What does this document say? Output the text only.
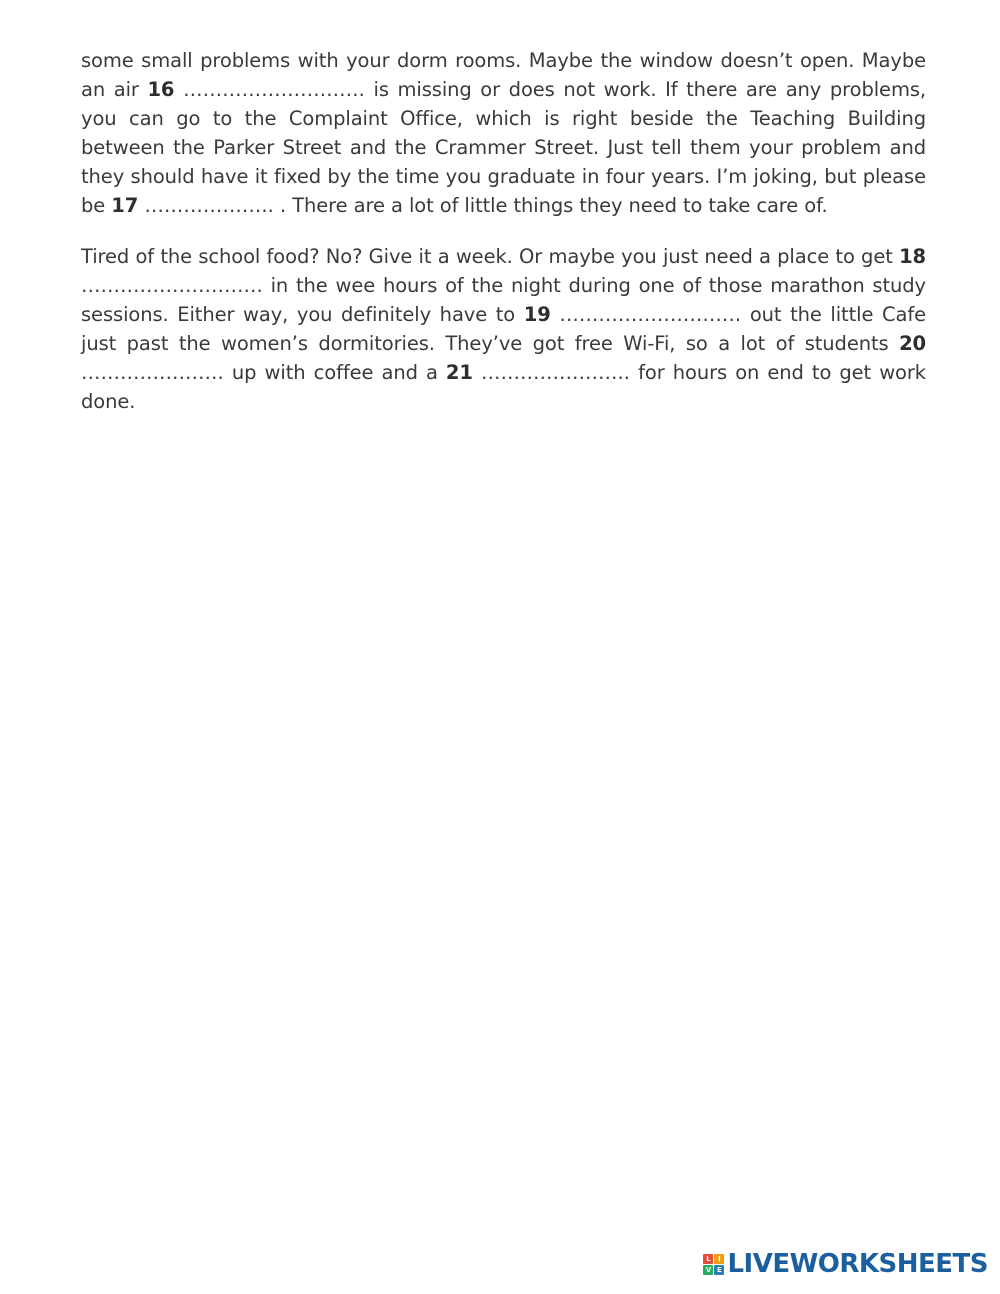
some small problems with your dorm rooms. Maybe the window doesn’t open. Maybe an air 16 ………………………. is missing or does not work. If there are any problems, you can go to the Complaint Office, which is right beside the Teaching Building between the Parker Street and the Crammer Street. Just tell them your problem and they should have it fixed by the time you graduate in four years. I’m joking, but please be 17 ……………….. . There are a lot of little things they need to take care of.

Tired of the school food? No? Give it a week. Or maybe you just need a place to get 18 ………………………. in the wee hours of the night during one of those marathon study sessions. Either way, you definitely have to 19 ………………………. out the little Cafe just past the women’s dormitories. They’ve got free Wi-Fi, so a lot of students 20 …………………. up with coffee and a 21 ………………….. for hours on end to get work done.

L	I
V E LIVEWORKSHEETS
